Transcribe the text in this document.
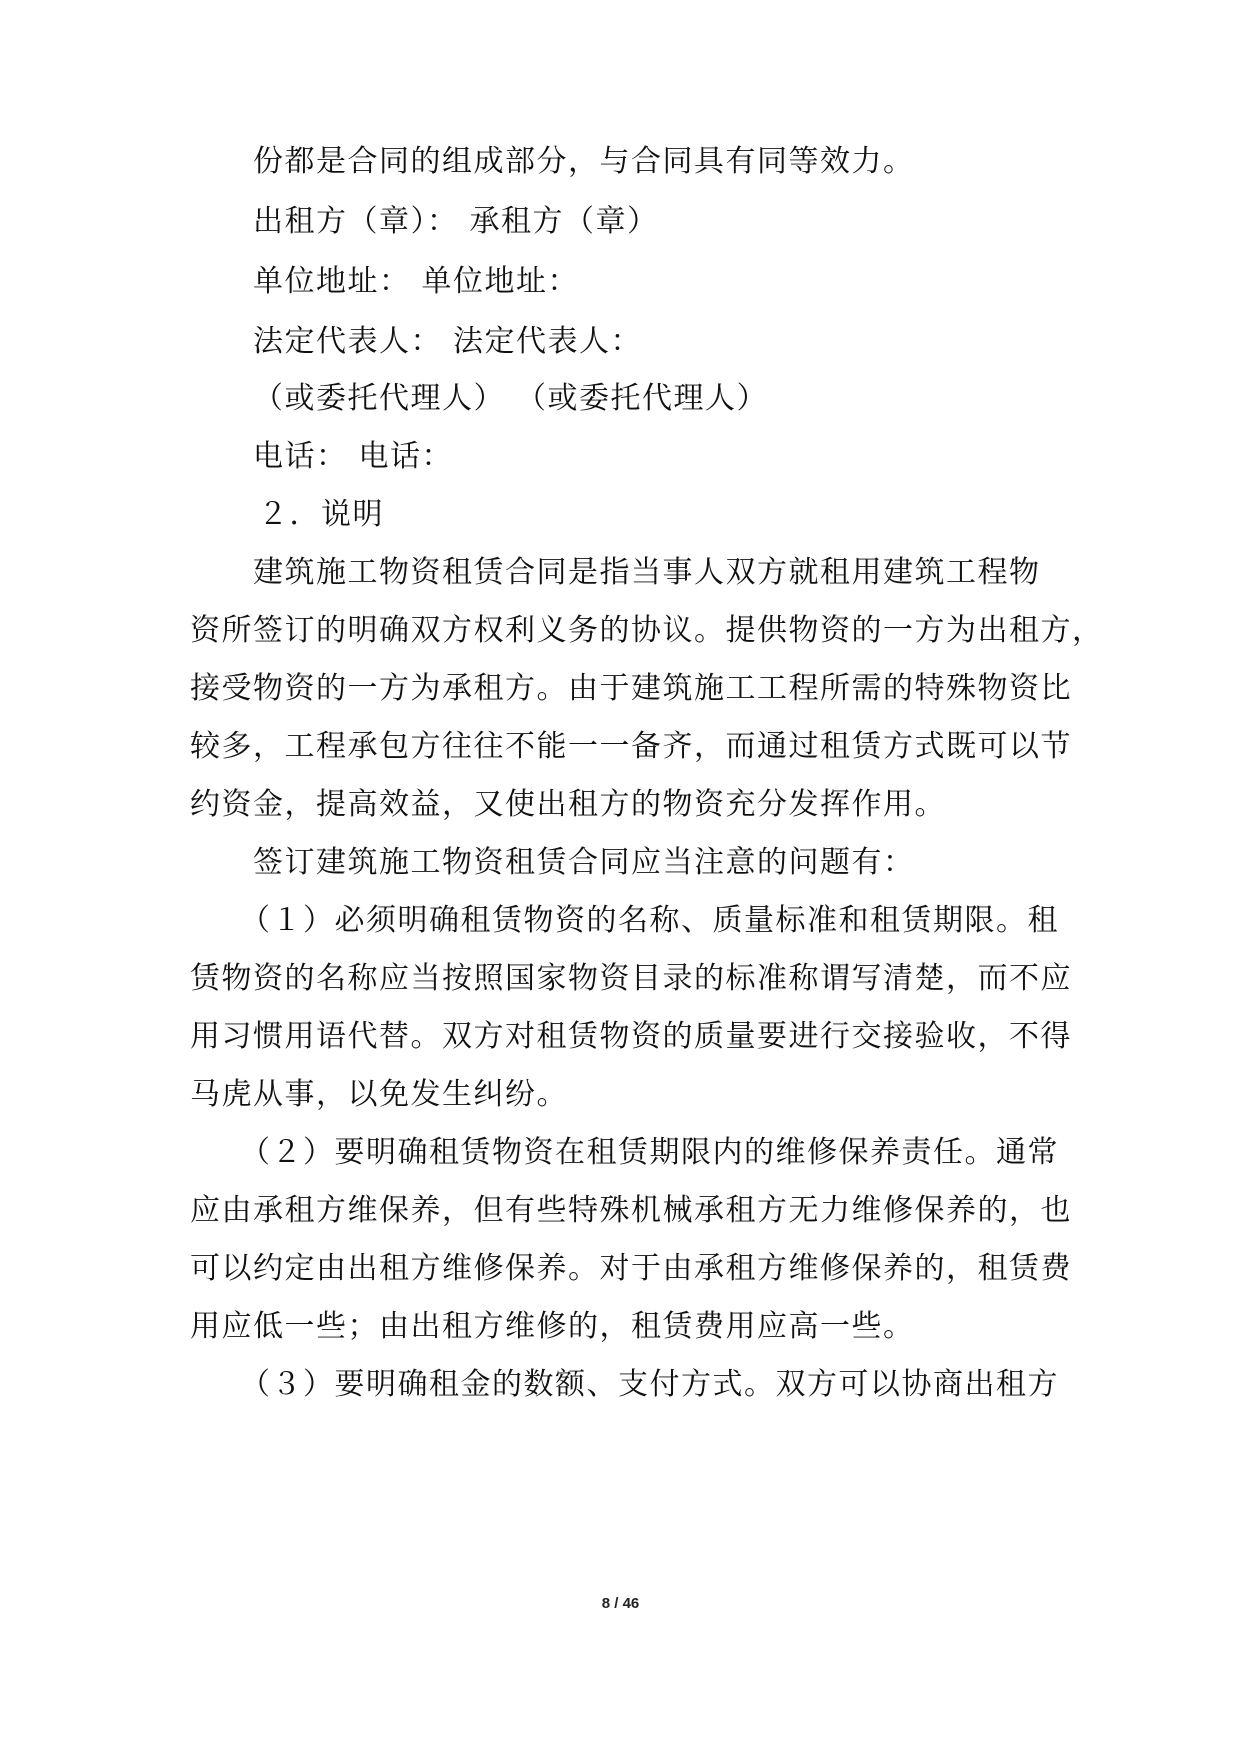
份都是合同的组成部分，与合同具有同等效力。
出租方（章）： 承租方（章）
单位地址： 单位地址：
法定代表人： 法定代表人：
（或委托代理人） （或委托代理人）
电话： 电话：
２．说明
建筑施工物资租赁合同是指当事人双方就租用建筑工程物
资所签订的明确双方权利义务的协议。提供物资的一方为出租方，
接受物资的一方为承租方。由于建筑施工工程所需的特殊物资比
较多，工程承包方往往不能一一备齐，而通过租赁方式既可以节
约资金，提高效益，又使出租方的物资充分发挥作用。
签订建筑施工物资租赁合同应当注意的问题有：
（１）必须明确租赁物资的名称、质量标准和租赁期限。租
赁物资的名称应当按照国家物资目录的标准称谓写清楚，而不应
用习惯用语代替。双方对租赁物资的质量要进行交接验收，不得
马虎从事，以免发生纠纷。
（２）要明确租赁物资在租赁期限内的维修保养责任。通常
应由承租方维保养，但有些特殊机械承租方无力维修保养的，也
可以约定由出租方维修保养。对于由承租方维修保养的，租赁费
用应低一些；由出租方维修的，租赁费用应高一些。
（３）要明确租金的数额、支付方式。双方可以协商出租方
8 / 46
